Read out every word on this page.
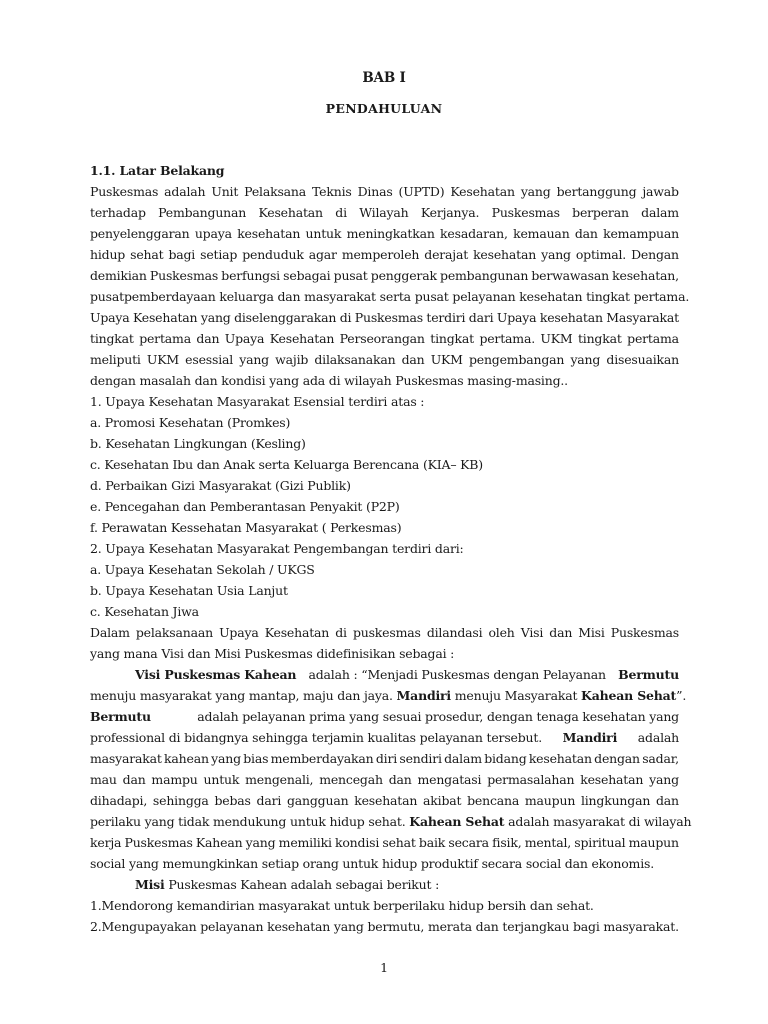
BAB I
PENDAHULUAN
1.1. Latar Belakang
Puskesmas adalah Unit Pelaksana Teknis Dinas (UPTD) Kesehatan yang bertanggung jawab
terhadap Pembangunan Kesehatan di Wilayah Kerjanya. Puskesmas berperan dalam
penyelenggaran upaya kesehatan untuk meningkatkan kesadaran, kemauan dan kemampuan
hidup sehat bagi setiap penduduk agar memperoleh derajat kesehatan yang optimal. Dengan
demikian Puskesmas berfungsi sebagai pusat penggerak pembangunan berwawasan kesehatan,
pusatpemberdayaan keluarga dan masyarakat serta pusat pelayanan kesehatan tingkat pertama.
Upaya Kesehatan yang diselenggarakan di Puskesmas terdiri dari Upaya kesehatan Masyarakat
tingkat pertama dan Upaya Kesehatan Perseorangan tingkat pertama. UKM tingkat pertama
meliputi UKM esessial yang wajib dilaksanakan dan UKM pengembangan yang disesuaikan
dengan masalah dan kondisi yang ada di wilayah Puskesmas masing-masing..
1. Upaya Kesehatan Masyarakat Esensial terdiri atas :
a. Promosi Kesehatan (Promkes)
b. Kesehatan Lingkungan (Kesling)
c. Kesehatan Ibu dan Anak serta Keluarga Berencana (KIA– KB)
d. Perbaikan Gizi Masyarakat (Gizi Publik)
e. Pencegahan dan Pemberantasan Penyakit (P2P)
f. Perawatan Kessehatan Masyarakat ( Perkesmas)
2. Upaya Kesehatan Masyarakat Pengembangan terdiri dari:
a. Upaya Kesehatan Sekolah / UKGS
b. Upaya Kesehatan Usia Lanjut
c. Kesehatan Jiwa
Dalam pelaksanaan Upaya Kesehatan di puskesmas dilandasi oleh Visi dan Misi Puskesmas
yang mana Visi dan Misi Puskesmas didefinisikan sebagai :
Visi Puskesmas Kahean adalah : “Menjadi Puskesmas dengan Pelayanan Bermutu
menuju masyarakat yang mantap, maju dan jaya. Mandiri menuju Masyarakat Kahean Sehat ”.
Bermutu	adalah pelayanan prima yang sesuai prosedur, dengan tenaga kesehatan yang
professional di bidangnya sehingga terjamin kualitas pelayanan tersebut. Mandiri adalah
masyarakat kahean yang bias memberdayakan diri sendiri dalam bidang kesehatan dengan sadar,
mau dan mampu untuk mengenali, mencegah dan mengatasi permasalahan kesehatan yang
dihadapi, sehingga bebas dari gangguan kesehatan akibat bencana maupun lingkungan dan
perilaku yang tidak mendukung untuk hidup sehat. Kahean Sehat adalah masyarakat di wilayah
kerja Puskesmas Kahean yang memiliki kondisi sehat baik secara fisik, mental, spiritual maupun
social yang memungkinkan setiap orang untuk hidup produktif secara social dan ekonomis.
Misi Puskesmas Kahean adalah sebagai berikut :
1.Mendorong kemandirian masyarakat untuk berperilaku hidup bersih dan sehat.
2.Mengupayakan pelayanan kesehatan yang bermutu, merata dan terjangkau bagi masyarakat.
1
